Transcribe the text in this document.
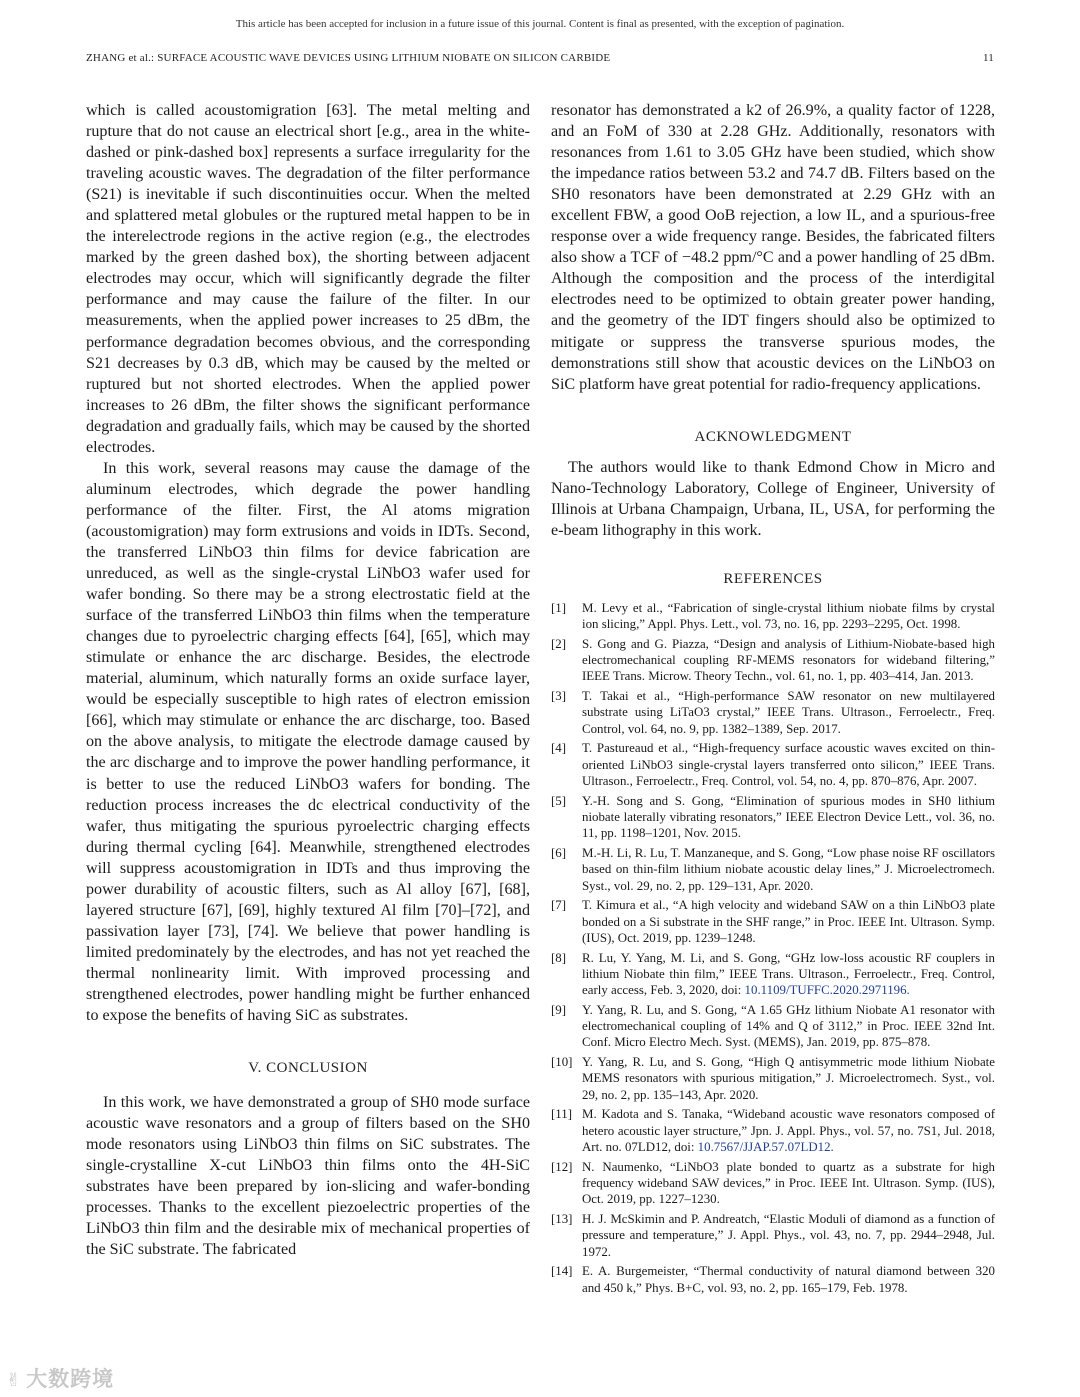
This article has been accepted for inclusion in a future issue of this journal. Content is final as presented, with the exception of pagination.
ZHANG et al.: SURFACE ACOUSTIC WAVE DEVICES USING LITHIUM NIOBATE ON SILICON CARBIDE	11

which is called acoustomigration [63]. The metal melting and rupture that do not cause an electrical short [e.g., area in the white-dashed or pink-dashed box] represents a surface irregularity for the traveling acoustic waves. The degradation of the filter performance (S21) is inevitable if such discontinuities occur. When the melted and splattered metal globules or the ruptured metal happen to be in the interelectrode regions in the active region (e.g., the electrodes marked by the green dashed box), the shorting between adjacent electrodes may occur, which will significantly degrade the filter performance and may cause the failure of the filter. In our measurements, when the applied power increases to 25 dBm, the performance degradation becomes obvious, and the corresponding S21 decreases by 0.3 dB, which may be caused by the melted or ruptured but not shorted electrodes. When the applied power increases to 26 dBm, the filter shows the significant performance degradation and gradually fails, which may be caused by the shorted electrodes.

In this work, several reasons may cause the damage of the aluminum electrodes, which degrade the power handling performance of the filter. First, the Al atoms migration (acoustomigration) may form extrusions and voids in IDTs. Second, the transferred LiNbO3 thin films for device fabrication are unreduced, as well as the single-crystal LiNbO3 wafer used for wafer bonding. So there may be a strong electrostatic field at the surface of the transferred LiNbO3 thin films when the temperature changes due to pyroelectric charging effects [64], [65], which may stimulate or enhance the arc discharge. Besides, the electrode material, aluminum, which naturally forms an oxide surface layer, would be especially susceptible to high rates of electron emission [66], which may stimulate or enhance the arc discharge, too. Based on the above analysis, to mitigate the electrode damage caused by the arc discharge and to improve the power handling performance, it is better to use the reduced LiNbO3 wafers for bonding. The reduction process increases the dc electrical conductivity of the wafer, thus mitigating the spurious pyroelectric charging effects during thermal cycling [64]. Meanwhile, strengthened electrodes will suppress acoustomigration in IDTs and thus improving the power durability of acoustic filters, such as Al alloy [67], [68], layered structure [67], [69], highly textured Al film [70]–[72], and passivation layer [73], [74]. We believe that power handling is limited predominately by the electrodes, and has not yet reached the thermal nonlinearity limit. With improved processing and strengthened electrodes, power handling might be further enhanced to expose the benefits of having SiC as substrates.

V. CONCLUSION

In this work, we have demonstrated a group of SH0 mode surface acoustic wave resonators and a group of filters based on the SH0 mode resonators using LiNbO3 thin films on SiC substrates. The single-crystalline X-cut LiNbO3 thin films onto the 4H-SiC substrates have been prepared by ion-slicing and wafer-bonding processes. Thanks to the excellent piezoelectric properties of the LiNbO3 thin film and the desirable mix of mechanical properties of the SiC substrate. The fabricated

resonator has demonstrated a k2 of 26.9%, a quality factor of 1228, and an FoM of 330 at 2.28 GHz. Additionally, resonators with resonances from 1.61 to 3.05 GHz have been studied, which show the impedance ratios between 53.2 and 74.7 dB. Filters based on the SH0 resonators have been demonstrated at 2.29 GHz with an excellent FBW, a good OoB rejection, a low IL, and a spurious-free response over a wide frequency range. Besides, the fabricated filters also show a TCF of −48.2 ppm/°C and a power handling of 25 dBm. Although the composition and the process of the interdigital electrodes need to be optimized to obtain greater power handing, and the geometry of the IDT fingers should also be optimized to mitigate or suppress the transverse spurious modes, the demonstrations still show that acoustic devices on the LiNbO3 on SiC platform have great potential for radio-frequency applications.

ACKNOWLEDGMENT

The authors would like to thank Edmond Chow in Micro and Nano-Technology Laboratory, College of Engineer, University of Illinois at Urbana Champaign, Urbana, IL, USA, for performing the e-beam lithography in this work.

REFERENCES
[1] M. Levy et al., “Fabrication of single-crystal lithium niobate films by crystal ion slicing,” Appl. Phys. Lett., vol. 73, no. 16, pp. 2293–2295, Oct. 1998.
[2] S. Gong and G. Piazza, “Design and analysis of Lithium-Niobate-based high electromechanical coupling RF-MEMS resonators for wideband filtering,” IEEE Trans. Microw. Theory Techn., vol. 61, no. 1, pp. 403–414, Jan. 2013.
[3] T. Takai et al., “High-performance SAW resonator on new multilayered substrate using LiTaO3 crystal,” IEEE Trans. Ultrason., Ferroelectr., Freq. Control, vol. 64, no. 9, pp. 1382–1389, Sep. 2017.
[4] T. Pastureaud et al., “High-frequency surface acoustic waves excited on thin-oriented LiNbO3 single-crystal layers transferred onto silicon,” IEEE Trans. Ultrason., Ferroelectr., Freq. Control, vol. 54, no. 4, pp. 870–876, Apr. 2007.
[5] Y.-H. Song and S. Gong, “Elimination of spurious modes in SH0 lithium niobate laterally vibrating resonators,” IEEE Electron Device Lett., vol. 36, no. 11, pp. 1198–1201, Nov. 2015.
[6] M.-H. Li, R. Lu, T. Manzaneque, and S. Gong, “Low phase noise RF oscillators based on thin-film lithium niobate acoustic delay lines,” J. Microelectromech. Syst., vol. 29, no. 2, pp. 129–131, Apr. 2020.
[7] T. Kimura et al., “A high velocity and wideband SAW on a thin LiNbO3 plate bonded on a Si substrate in the SHF range,” in Proc. IEEE Int. Ultrason. Symp. (IUS), Oct. 2019, pp. 1239–1248.
[8] R. Lu, Y. Yang, M. Li, and S. Gong, “GHz low-loss acoustic RF couplers in lithium Niobate thin film,” IEEE Trans. Ultrason., Ferroelectr., Freq. Control, early access, Feb. 3, 2020, doi: 10.1109/TUFFC.2020.2971196.
[9] Y. Yang, R. Lu, and S. Gong, “A 1.65 GHz lithium Niobate A1 resonator with electromechanical coupling of 14% and Q of 3112,” in Proc. IEEE 32nd Int. Conf. Micro Electro Mech. Syst. (MEMS), Jan. 2019, pp. 875–878.
[10] Y. Yang, R. Lu, and S. Gong, “High Q antisymmetric mode lithium Niobate MEMS resonators with spurious mitigation,” J. Microelectromech. Syst., vol. 29, no. 2, pp. 135–143, Apr. 2020.
[11] M. Kadota and S. Tanaka, “Wideband acoustic wave resonators composed of hetero acoustic layer structure,” Jpn. J. Appl. Phys., vol. 57, no. 7S1, Jul. 2018, Art. no. 07LD12, doi: 10.7567/JJAP.57.07LD12.
[12] N. Naumenko, “LiNbO3 plate bonded to quartz as a substrate for high frequency wideband SAW devices,” in Proc. IEEE Int. Ultrason. Symp. (IUS), Oct. 2019, pp. 1227–1230.
[13] H. J. McSkimin and P. Andreatch, “Elastic Moduli of diamond as a function of pressure and temperature,” J. Appl. Phys., vol. 43, no. 7, pp. 2944–2948, Jul. 1972.
[14] E. A. Burgemeister, “Thermal conductivity of natural diamond between 320 and 450 k,” Phys. B+C, vol. 93, no. 2, pp. 165–179, Feb. 1978.
✌ 大数跨境
